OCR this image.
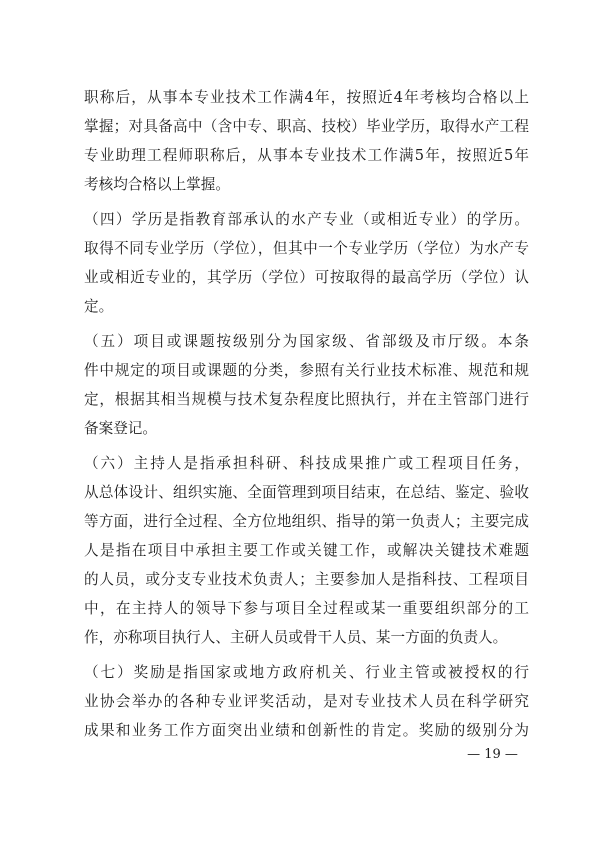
职称后，从事本专业技术工作满4年，按照近4年考核均合格以上
掌握；对具备高中（含中专、职高、技校）毕业学历，取得水产工程
专业助理工程师职称后，从事本专业技术工作满5年，按照近5年
考核均合格以上掌握。
（四）学历是指教育部承认的水产专业（或相近专业）的学历。
取得不同专业学历（学位），但其中一个专业学历（学位）为水产专
业或相近专业的，其学历（学位）可按取得的最高学历（学位）认
定。
（五）项目或课题按级别分为国家级、省部级及市厅级。本条
件中规定的项目或课题的分类，参照有关行业技术标准、规范和规
定，根据其相当规模与技术复杂程度比照执行，并在主管部门进行
备案登记。
（六）主持人是指承担科研、科技成果推广或工程项目任务，
从总体设计、组织实施、全面管理到项目结束，在总结、鉴定、验收
等方面，进行全过程、全方位地组织、指导的第一负责人；主要完成
人是指在项目中承担主要工作或关键工作，或解决关键技术难题
的人员，或分支专业技术负责人；主要参加人是指科技、工程项目
中，在主持人的领导下参与项目全过程或某一重要组织部分的工
作，亦称项目执行人、主研人员或骨干人员、某一方面的负责人。
（七）奖励是指国家或地方政府机关、行业主管或被授权的行
业协会举办的各种专业评奖活动，是对专业技术人员在科学研究
成果和业务工作方面突出业绩和创新性的肯定。奖励的级别分为
— 19 —
